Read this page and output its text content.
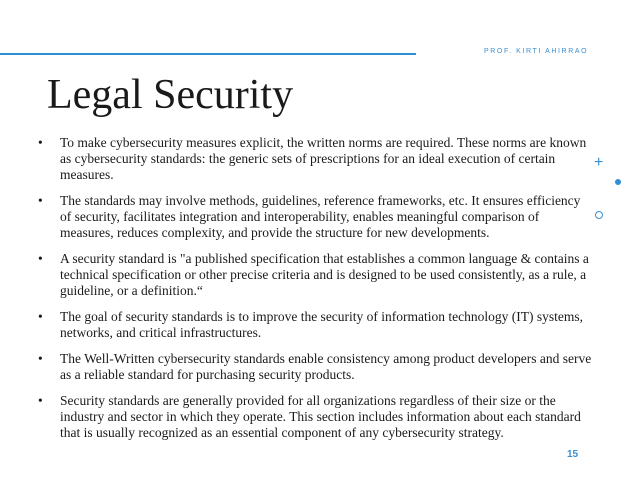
PROF. KIRTI AHIRRAO
Legal Security
• To make cybersecurity measures explicit, the written norms are required. These norms are known as cybersecurity standards: the generic sets of prescriptions for an ideal execution of certain measures.
• The standards may involve methods, guidelines, reference frameworks, etc. It ensures efficiency of security, facilitates integration and interoperability, enables meaningful comparison of measures, reduces complexity, and provide the structure for new developments.
• A security standard is "a published specification that establishes a common language & contains a technical specification or other precise criteria and is designed to be used consistently, as a rule, a guideline, or a definition.“
• The goal of security standards is to improve the security of information technology (IT) systems, networks, and critical infrastructures.
• The Well-Written cybersecurity standards enable consistency among product developers and serve as a reliable standard for purchasing security products.
• Security standards are generally provided for all organizations regardless of their size or the industry and sector in which they operate. This section includes information about each standard that is usually recognized as an essential component of any cybersecurity strategy.
+
15
